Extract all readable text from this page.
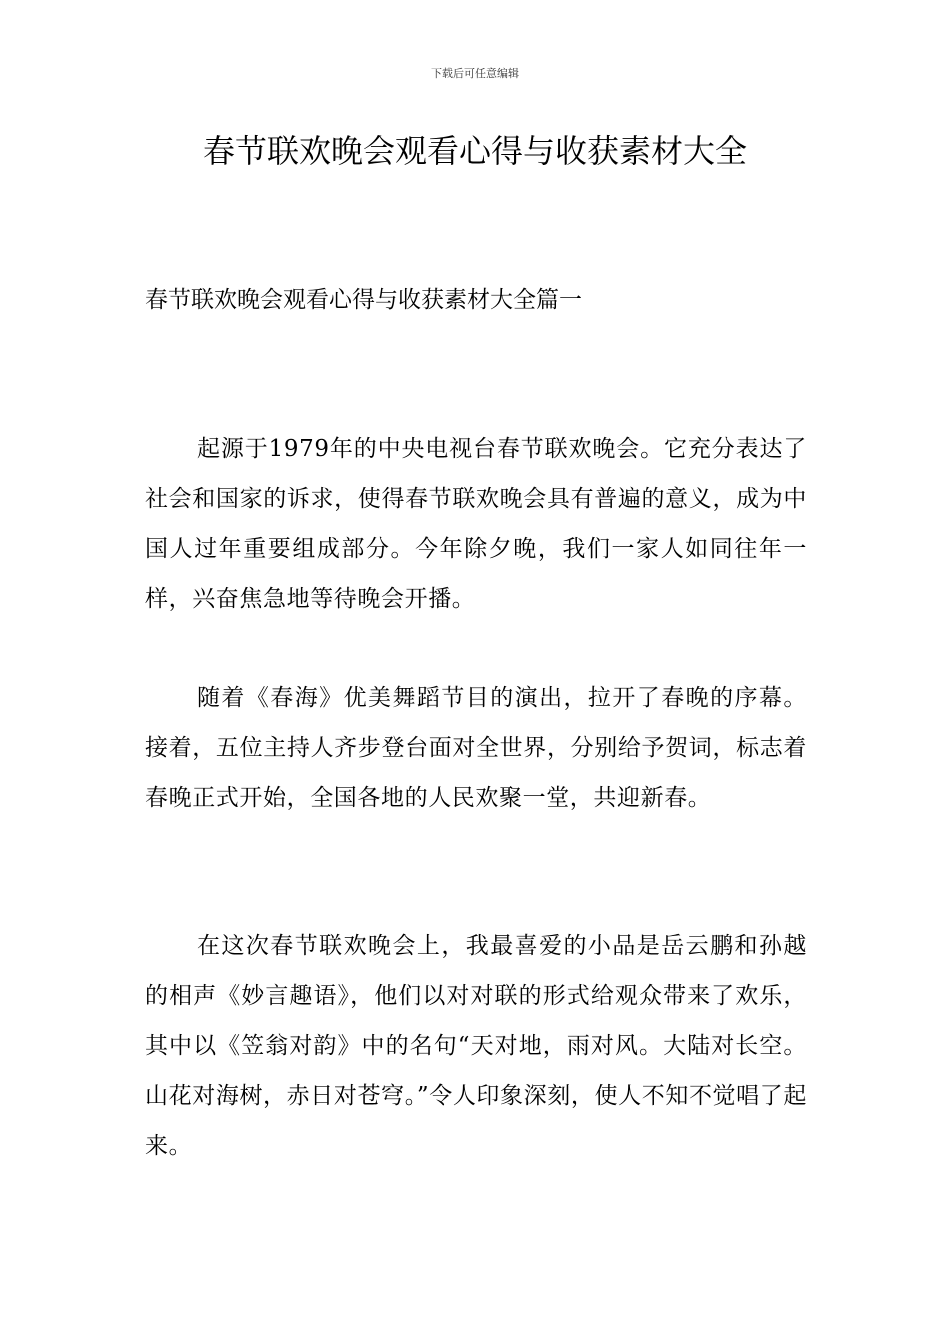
下载后可任意编辑
春节联欢晚会观看心得与收获素材大全
春节联欢晚会观看心得与收获素材大全篇一

起源于1979年的中央电视台春节联欢晚会。它充分表达了社会和国家的诉求，使得春节联欢晚会具有普遍的意义，成为中国人过年重要组成部分。今年除夕晚，我们一家人如同往年一样，兴奋焦急地等待晚会开播。

随着《春海》优美舞蹈节目的演出，拉开了春晚的序幕。接着，五位主持人齐步登台面对全世界，分别给予贺词，标志着春晚正式开始，全国各地的人民欢聚一堂，共迎新春。

在这次春节联欢晚会上，我最喜爱的小品是岳云鹏和孙越的相声《妙言趣语》，他们以对对联的形式给观众带来了欢乐，其中以《笠翁对韵》中的名句“天对地，雨对风。大陆对长空。山花对海树，赤日对苍穹。”令人印象深刻，使人不知不觉唱了起来。
